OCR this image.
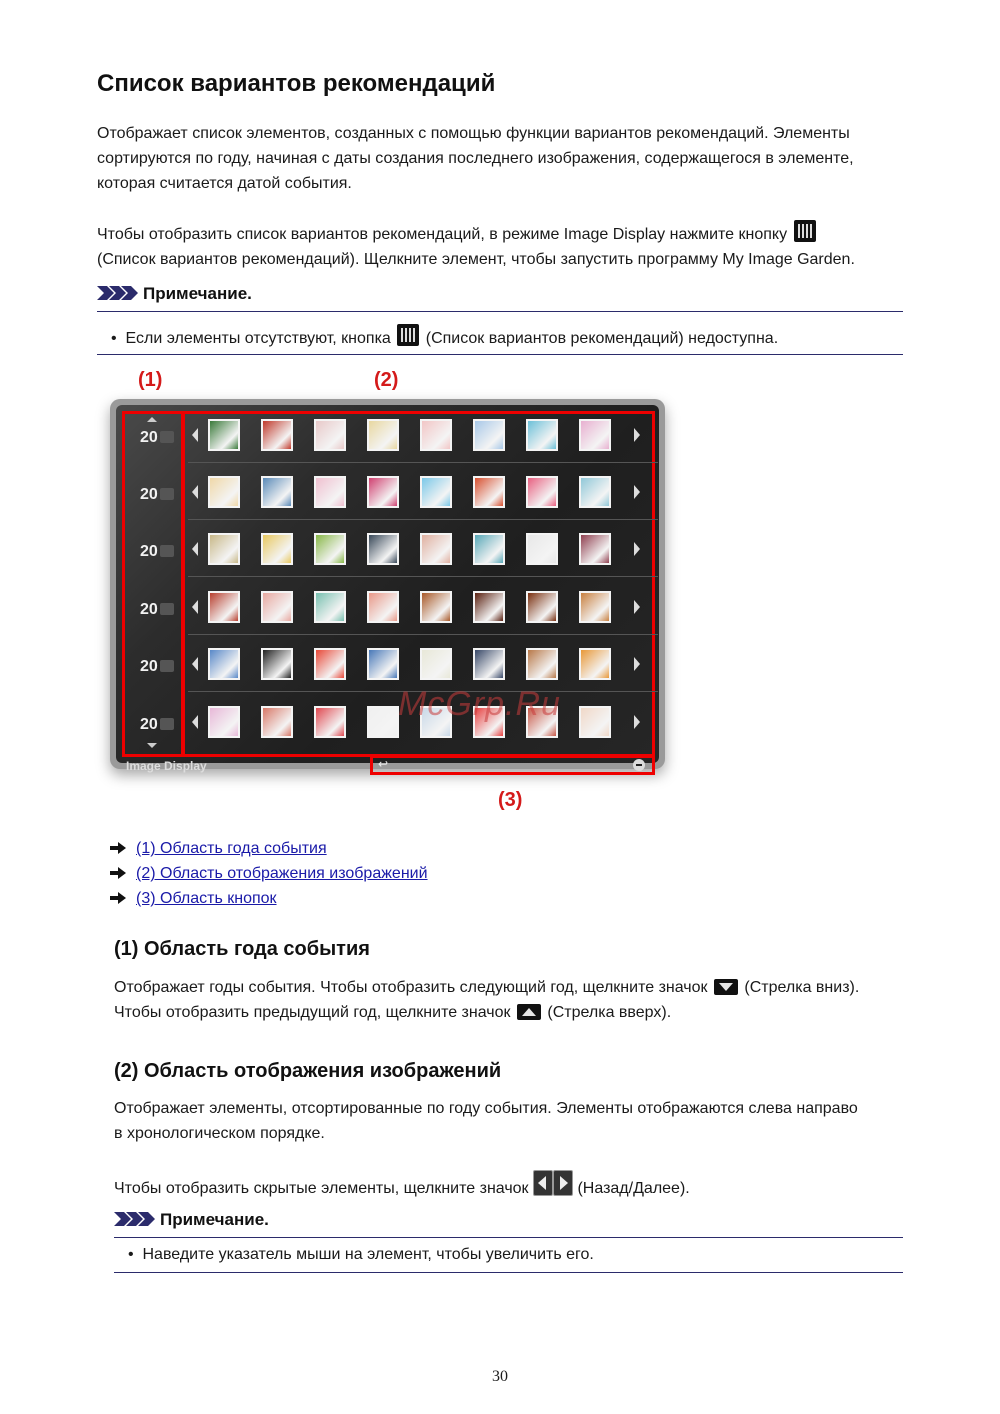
Список вариантов рекомендаций

Отображает список элементов, созданных с помощью функции вариантов рекомендаций. Элементы
сортируются по году, начиная с даты создания последнего изображения, содержащегося в элементе,
которая считается датой события.

Чтобы отобразить список вариантов рекомендаций, в режиме Image Display нажмите кнопку
(Список вариантов рекомендаций). Щелкните элемент, чтобы запустить программу My Image Garden.

Примечание.
•  Если элементы отсутствуют, кнопка (Список вариантов рекомендаций) недоступна.
(1)	(2)
(3)
20
20
20
20
20
20
Image Display	↩
McGrp.Ru
(1) Область года события
(2) Область отображения изображений
(3) Область кнопок
(1) Область года события

Отображает годы события. Чтобы отобразить следующий год, щелкните значок (Стрелка вниз).
Чтобы отобразить предыдущий год, щелкните значок (Стрелка вверх).

(2) Область отображения изображений

Отображает элементы, отсортированные по году события. Элементы отображаются слева направо
в хронологическом порядке.

Чтобы отобразить скрытые элементы, щелкните значок	(Назад/Далее).

Примечание.
•  Наведите указатель мыши на элемент, чтобы увеличить его.
30
